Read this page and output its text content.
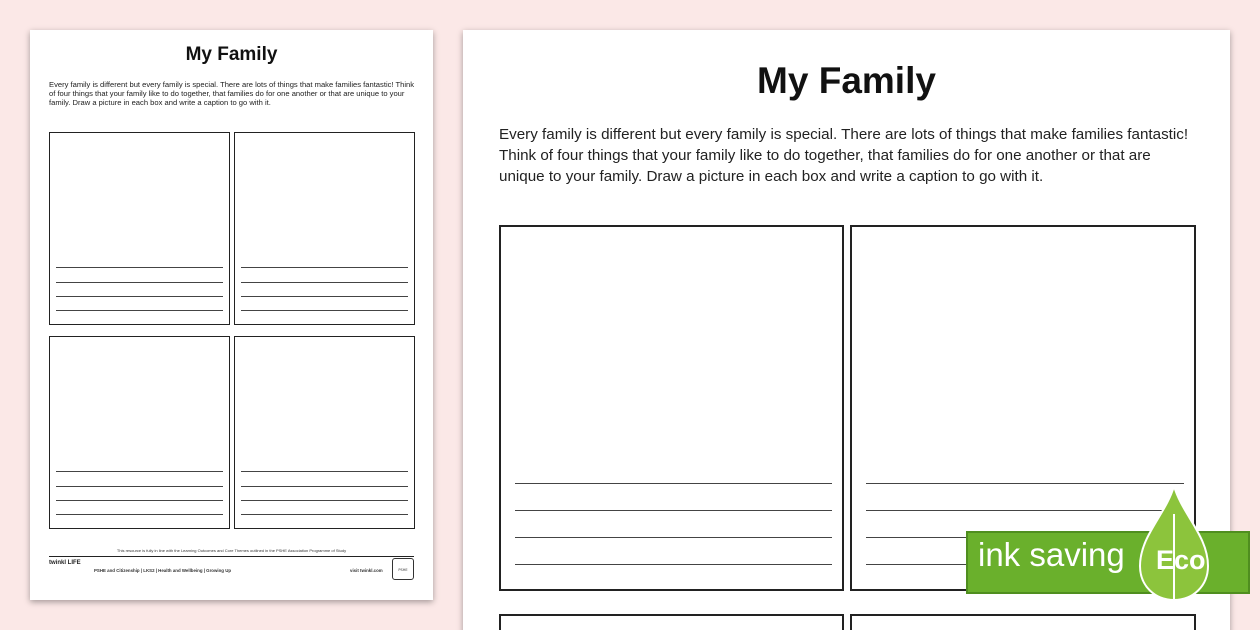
My Family
Every family is different but every family is special. There are lots of things that make families fantastic! Think of four things that your family like to do together, that families do for one another or that are unique to your family. Draw a picture in each box and write a caption to go with it.
This resource is fully in line with the Learning Outcomes and Core Themes outlined in the PSHE Association Programme of Study
twinkl LIFE
PSHE and Citizenship | LKS2 | Health and Wellbeing | Growing Up	visit twinkl.com	PSHE
My Family
Every family is different but every family is special. There are lots of things that make families fantastic! Think of four things that your family like to do together, that families do for one another or that are unique to your family. Draw a picture in each box and write a caption to go with it.
ink saving Eco
